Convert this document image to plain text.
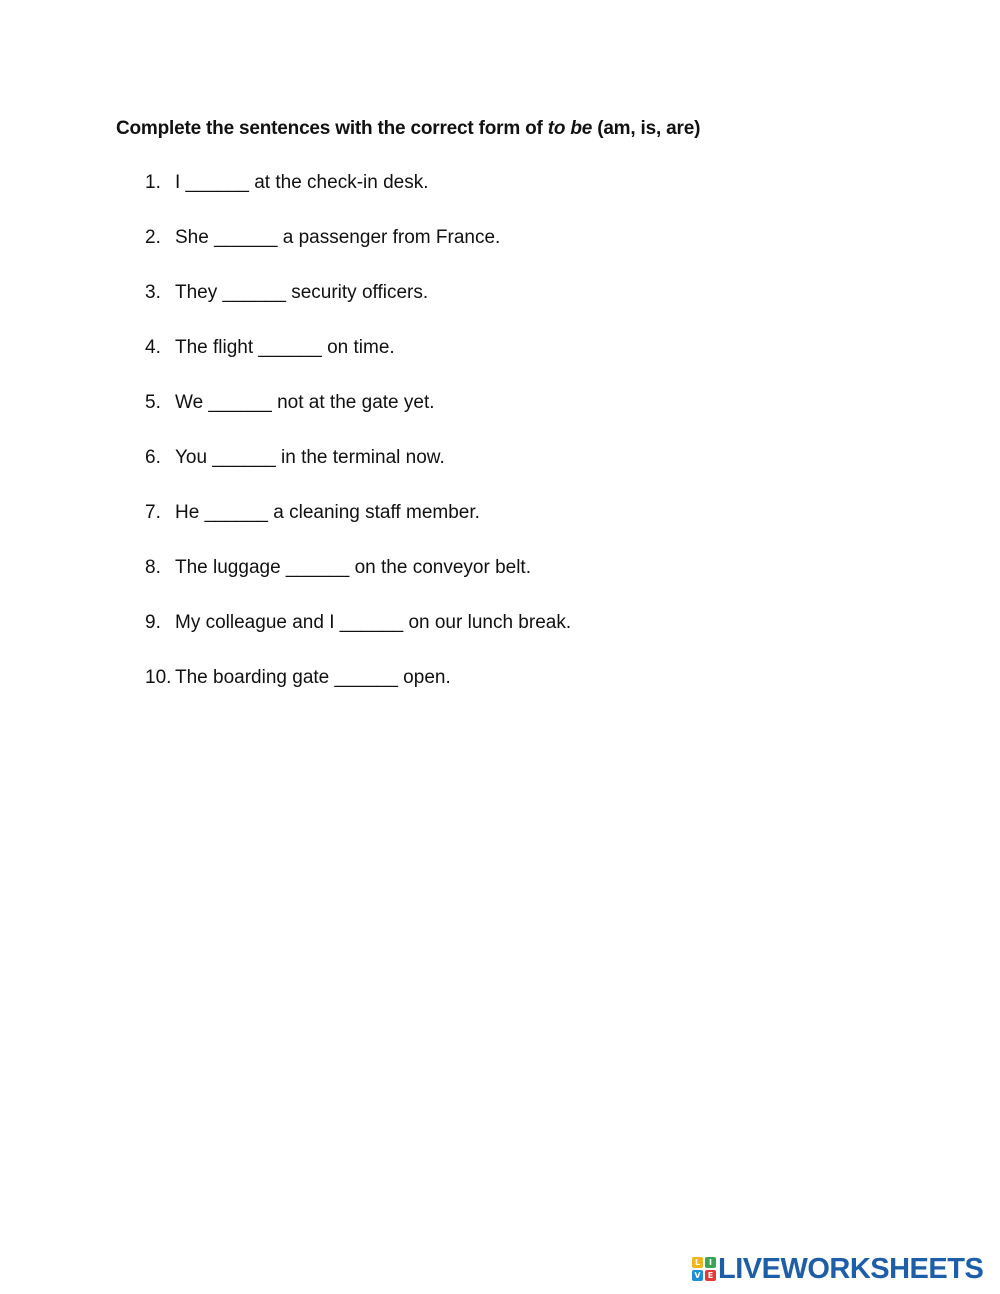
Complete the sentences with the correct form of to be (am, is, are)
1. I ______ at the check-in desk.
2. She ______ a passenger from France.
3. They ______ security officers.
4. The flight ______ on time.
5. We ______ not at the gate yet.
6. You ______ in the terminal now.
7. He ______ a cleaning staff member.
8. The luggage ______ on the conveyor belt.
9. My colleague and I ______ on our lunch break.
10. The boarding gate ______ open.
L	I
V E LIVEWORKSHEETS
